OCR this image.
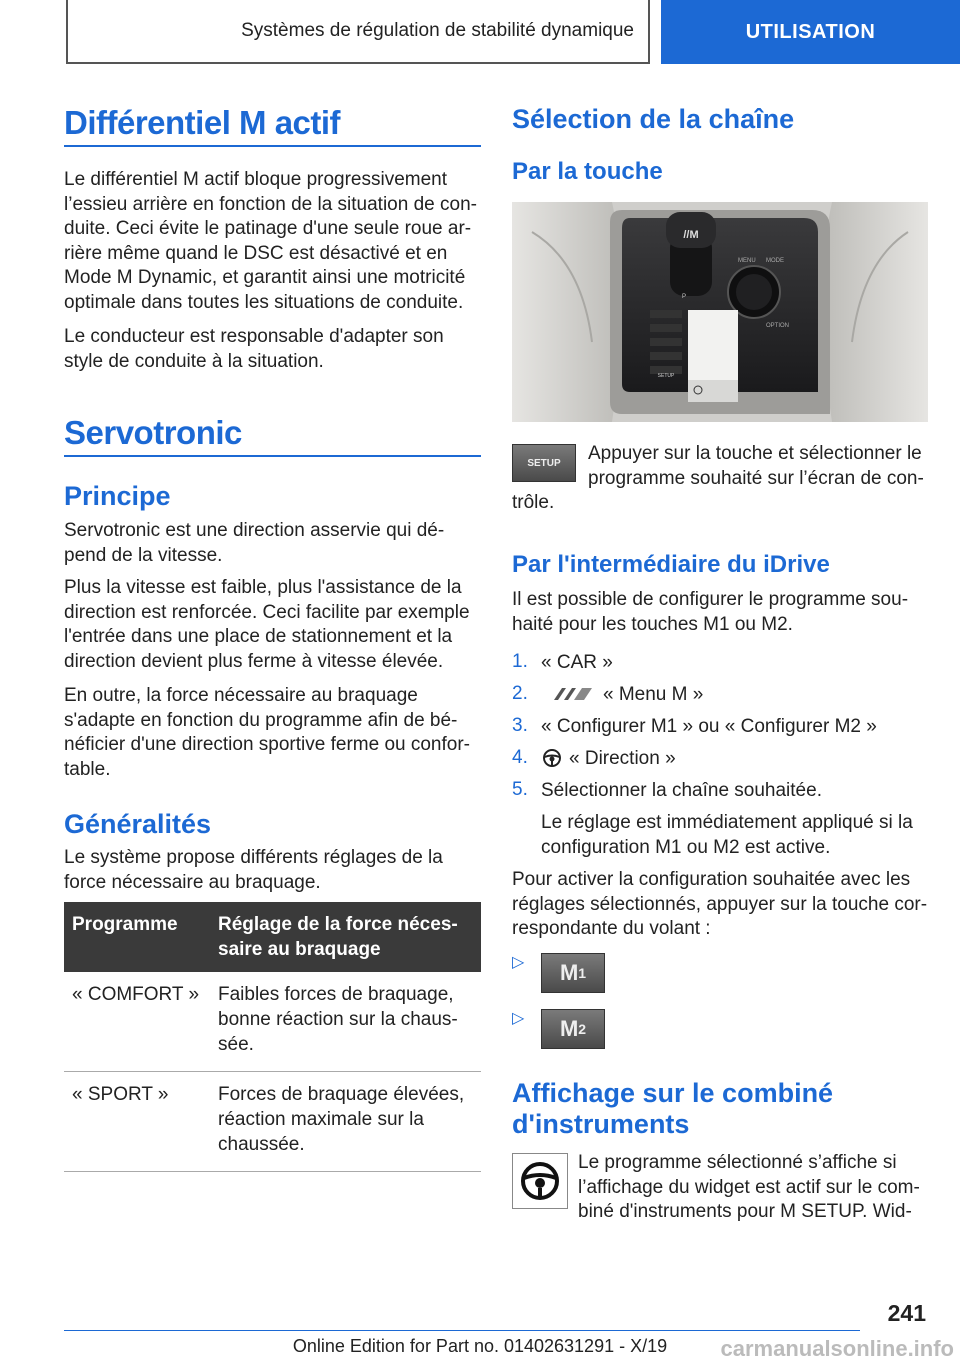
Systèmes de régulation de stabilité dynamique	UTILISATION
Différentiel M actif
Le différentiel M actif bloque progressivement
l’essieu arrière en fonction de la situation de con-
duite. Ceci évite le patinage d'une seule roue ar-
rière même quand le DSC est désactivé et en
Mode M Dynamic, et garantit ainsi une motricité
optimale dans toutes les situations de conduite.
Le conducteur est responsable d'adapter son
style de conduite à la situation.
Servotronic
Principe
Servotronic est une direction asservie qui dé-
pend de la vitesse.
Plus la vitesse est faible, plus l'assistance de la
direction est renforcée. Ceci facilite par exemple
l'entrée dans une place de stationnement et la
direction devient plus ferme à vitesse élevée.
En outre, la force nécessaire au braquage
s'adapte en fonction du programme afin de bé-
néficier d'une direction sportive ferme ou confor-
table.
Généralités
Le système propose différents réglages de la
force nécessaire au braquage.
Programme	Réglage de la force néces-saire au braquage
« COMFORT »	Faibles forces de braquage, bonne réaction sur la chaus-sée.
« SPORT »	Forces de braquage élevées, réaction maximale sur la chaussée.
Sélection de la chaîne
Par la touche
//M
MENU MODE
OPTION
SETUP
P
SETUP Appuyer sur la touche et sélectionner le
programme souhaité sur l’écran de con-
trôle.
Par l'intermédiaire du iDrive
Il est possible de configurer le programme sou-
haité pour les touches M1 ou M2.
1. « CAR »
2.	« Menu M »
3. « Configurer M1 » ou « Configurer M2 »
4. « Direction »
5. Sélectionner la chaîne souhaitée.
Le réglage est immédiatement appliqué si la
configuration M1 ou M2 est active.
Pour activer la configuration souhaitée avec les
réglages sélectionnés, appuyer sur la touche cor-
respondante du volant :
▷ M 1
▷ M 2
Affichage sur le combiné
d'instruments
Le programme sélectionné s’affiche si
l’affichage du widget est actif sur le com-
biné d'instruments pour M SETUP. Wid-
241
Online Edition for Part no. 01402631291 - X/19	carmanualsonline.info
